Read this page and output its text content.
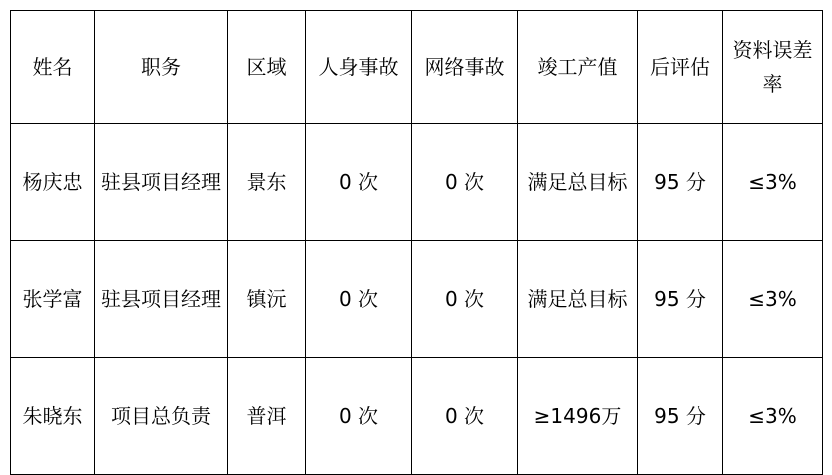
姓名	职务	区域	人身事故	网络事故	竣工产值	后评估	资料误差率

杨庆忠	驻县项目经理	景东	0 次	0 次	满足总目标	95 分	≤3%

张学富	驻县项目经理	镇沅	0 次	0 次	满足总目标	95 分	≤3%

朱晓东	项目总负责	普洱	0 次	0 次	≥1496万	95 分	≤3%
